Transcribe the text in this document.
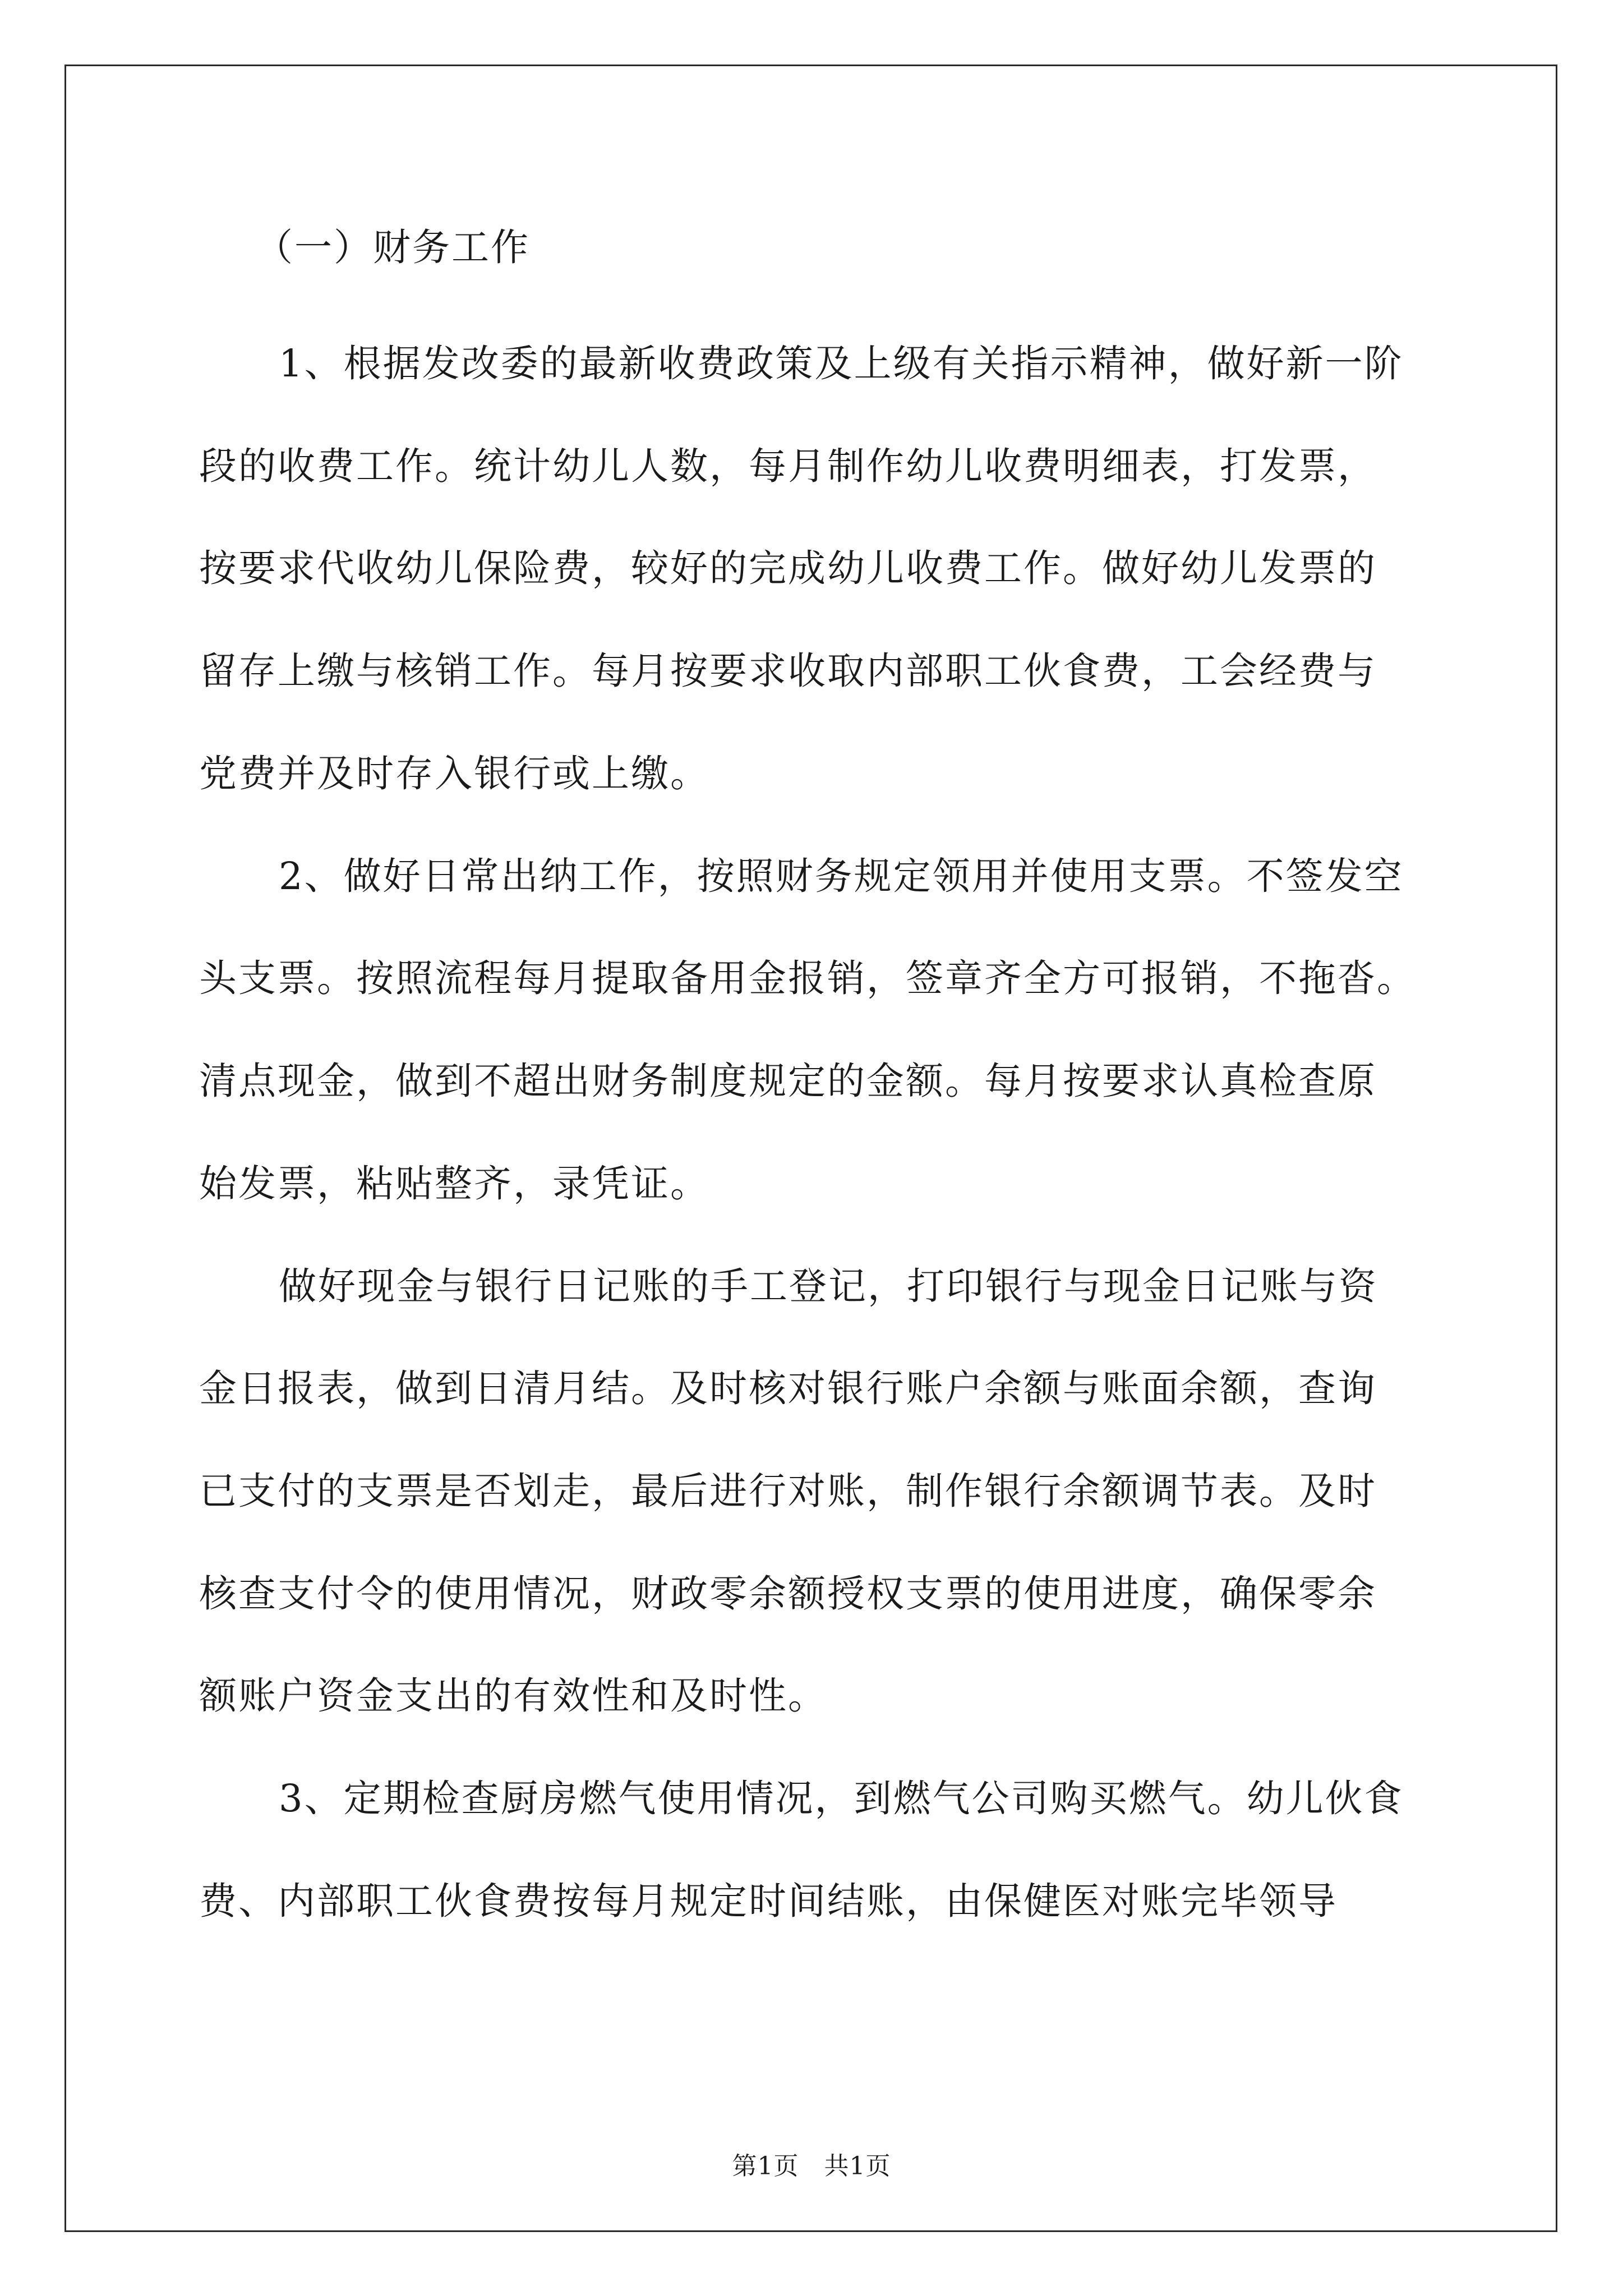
（一）财务工作

1、根据发改委的最新收费政策及上级有关指示精神，做好新一阶

段的收费工作。统计幼儿人数，每月制作幼儿收费明细表，打发票，

按要求代收幼儿保险费，较好的完成幼儿收费工作。做好幼儿发票的

留存上缴与核销工作。每月按要求收取内部职工伙食费，工会经费与

党费并及时存入银行或上缴。

2、做好日常出纳工作，按照财务规定领用并使用支票。不签发空

头支票。按照流程每月提取备用金报销，签章齐全方可报销，不拖沓。

清点现金，做到不超出财务制度规定的金额。每月按要求认真检查原

始发票，粘贴整齐，录凭证。

做好现金与银行日记账的手工登记，打印银行与现金日记账与资

金日报表，做到日清月结。及时核对银行账户余额与账面余额，查询

已支付的支票是否划走，最后进行对账，制作银行余额调节表。及时

核查支付令的使用情况，财政零余额授权支票的使用进度，确保零余

额账户资金支出的有效性和及时性。

3、定期检查厨房燃气使用情况，到燃气公司购买燃气。幼儿伙食

费、内部职工伙食费按每月规定时间结账，由保健医对账完毕领导

第1页　共1页
